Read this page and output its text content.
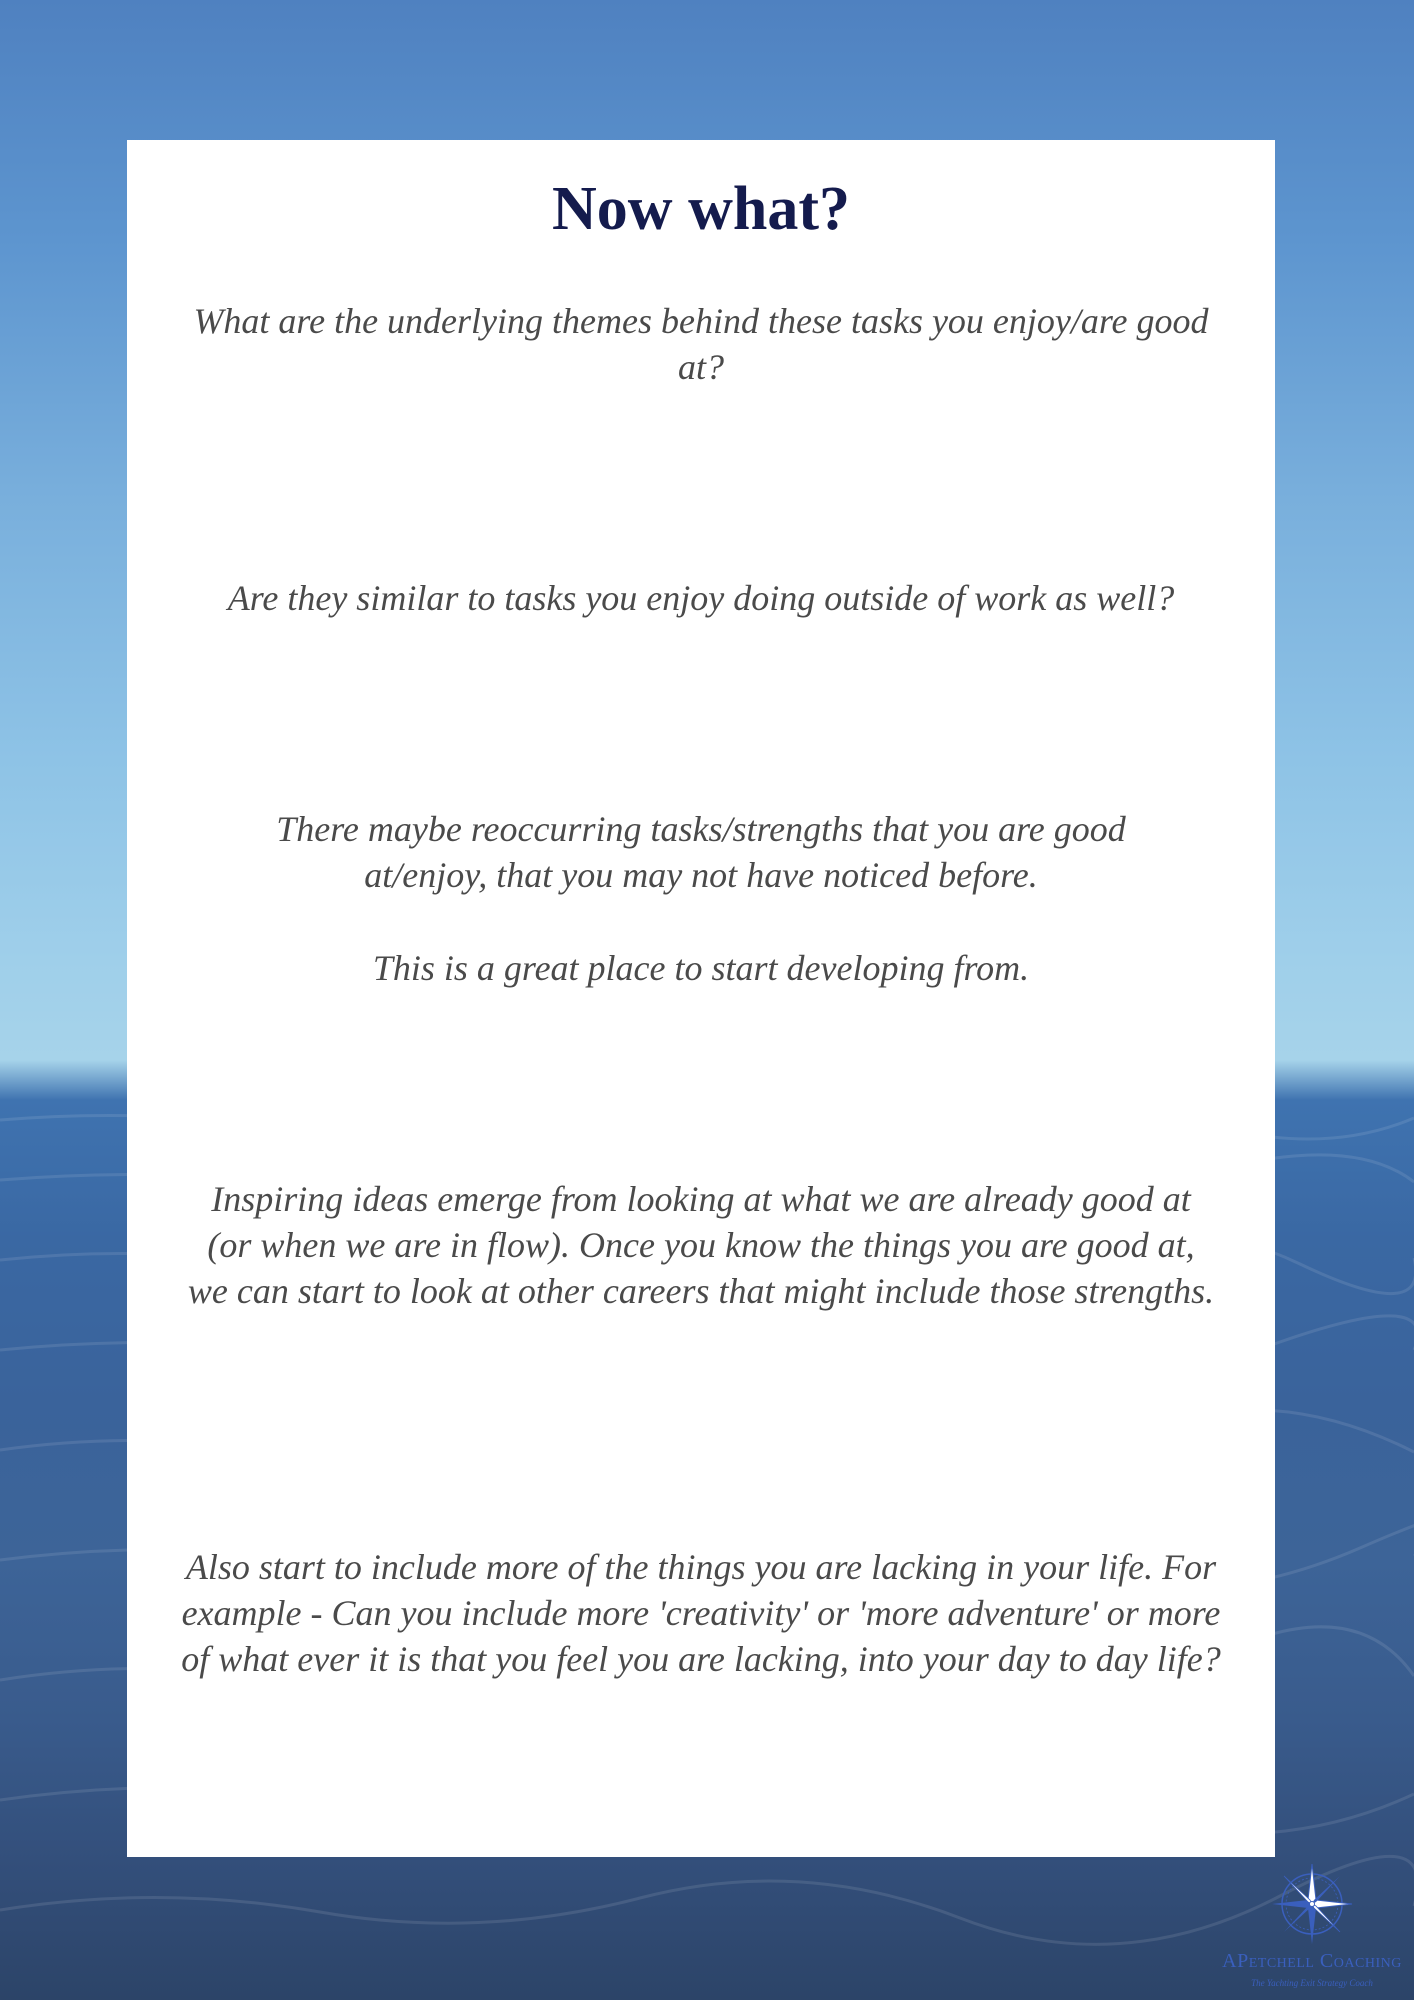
Now what?

What are the underlying themes behind these tasks you enjoy/are good at?

Are they similar to tasks you enjoy doing outside of work as well?

There maybe reoccurring tasks/strengths that you are good at/enjoy, that you may not have noticed before.

This is a great place to start developing from.

Inspiring ideas emerge from looking at what we are already good at (or when we are in flow). Once you know the things you are good at, we can start to look at other careers that might include those strengths.

Also start to include more of the things you are lacking in your life. For example - Can you include more 'creativity' or 'more adventure' or more of what ever it is that you feel you are lacking, into your day to day life?

APetchell Coaching
The Yachting Exit Strategy Coach
